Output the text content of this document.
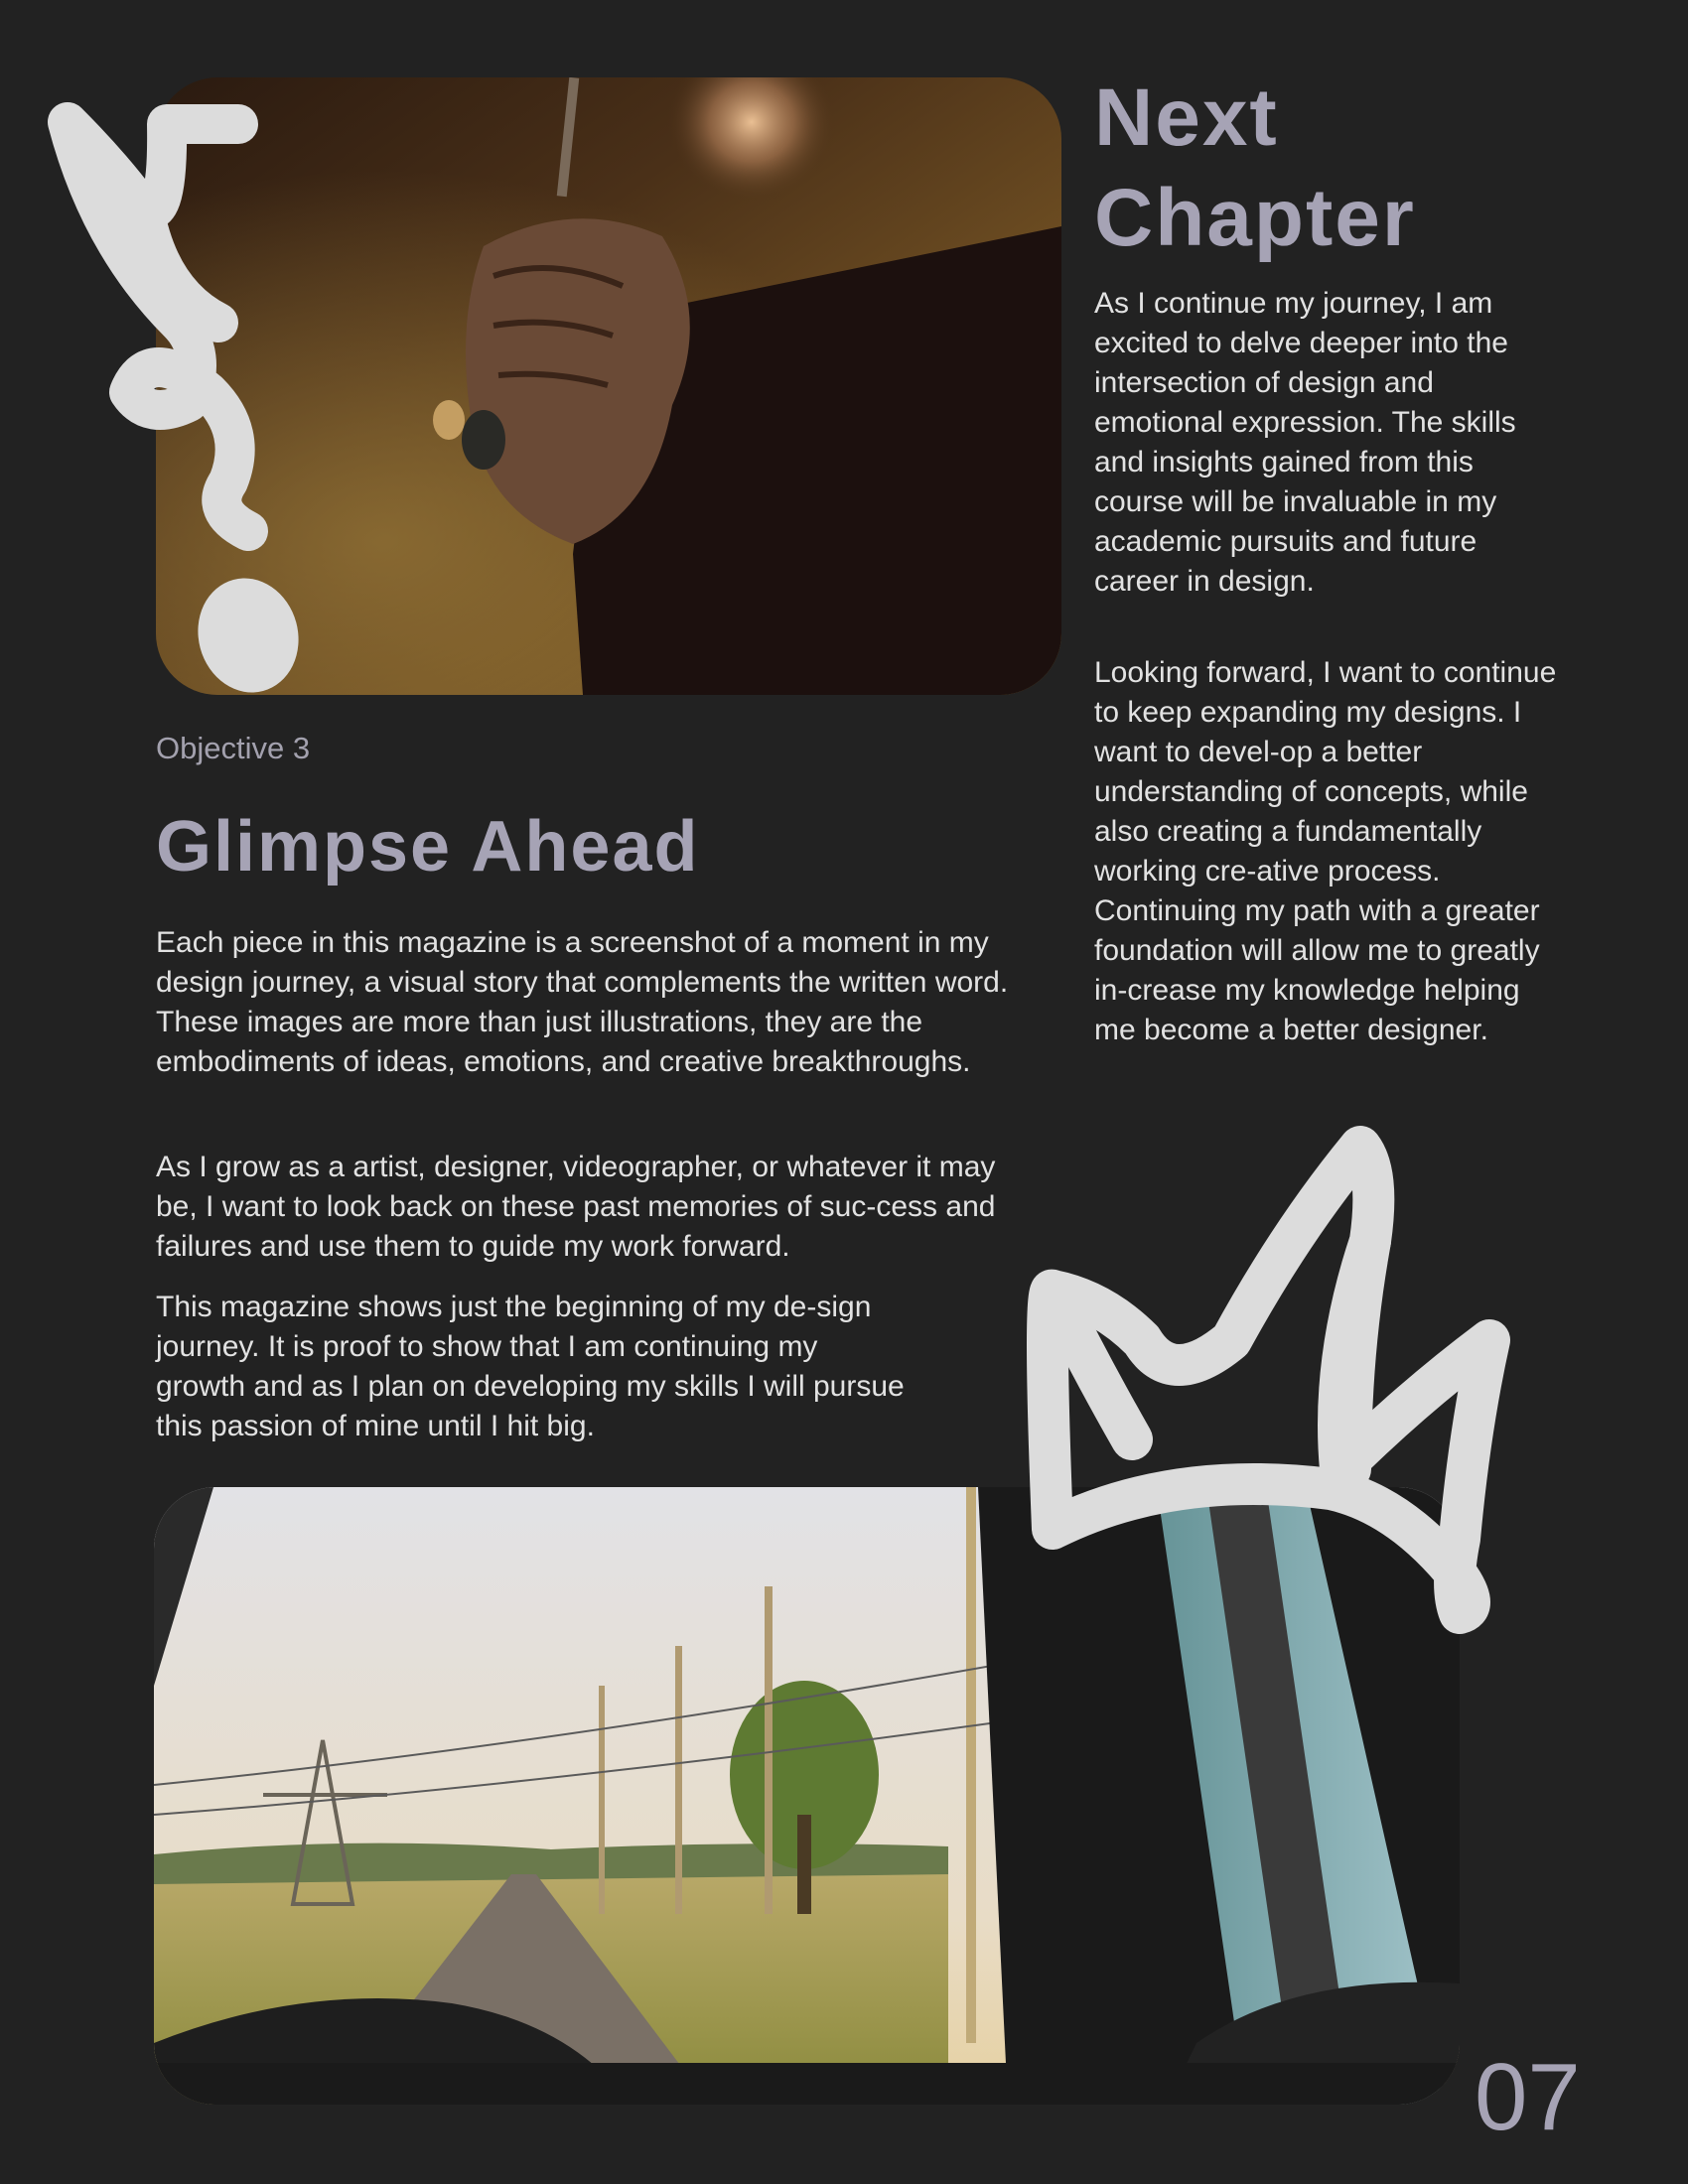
Next
Chapter

As I continue my journey, I am excited to delve deeper into the intersection of design and emotional expression. The skills and insights gained from this course will be invaluable in my academic pursuits and future career in design.

Looking forward, I want to continue to keep expanding my designs. I want to devel-op a better understanding of concepts, while also creating a fundamentally working cre-ative process. Continuing my path with a greater foundation will allow me to greatly in-crease my knowledge helping me become a better designer.

Objective 3

Glimpse Ahead

Each piece in this magazine is a screenshot of a moment in my design journey, a visual story that complements the written word. These images are more than just illustrations, they are the embodiments of ideas, emotions, and creative breakthroughs.

As I grow as a artist, designer, videographer, or whatever it may be, I want to look back on these past memories of suc-cess and failures and use them to guide my work forward.

This magazine shows just the beginning of my de-sign journey. It is proof to show that I am continuing my growth and as I plan on developing my skills I will pursue this passion of mine until I hit big.

07
